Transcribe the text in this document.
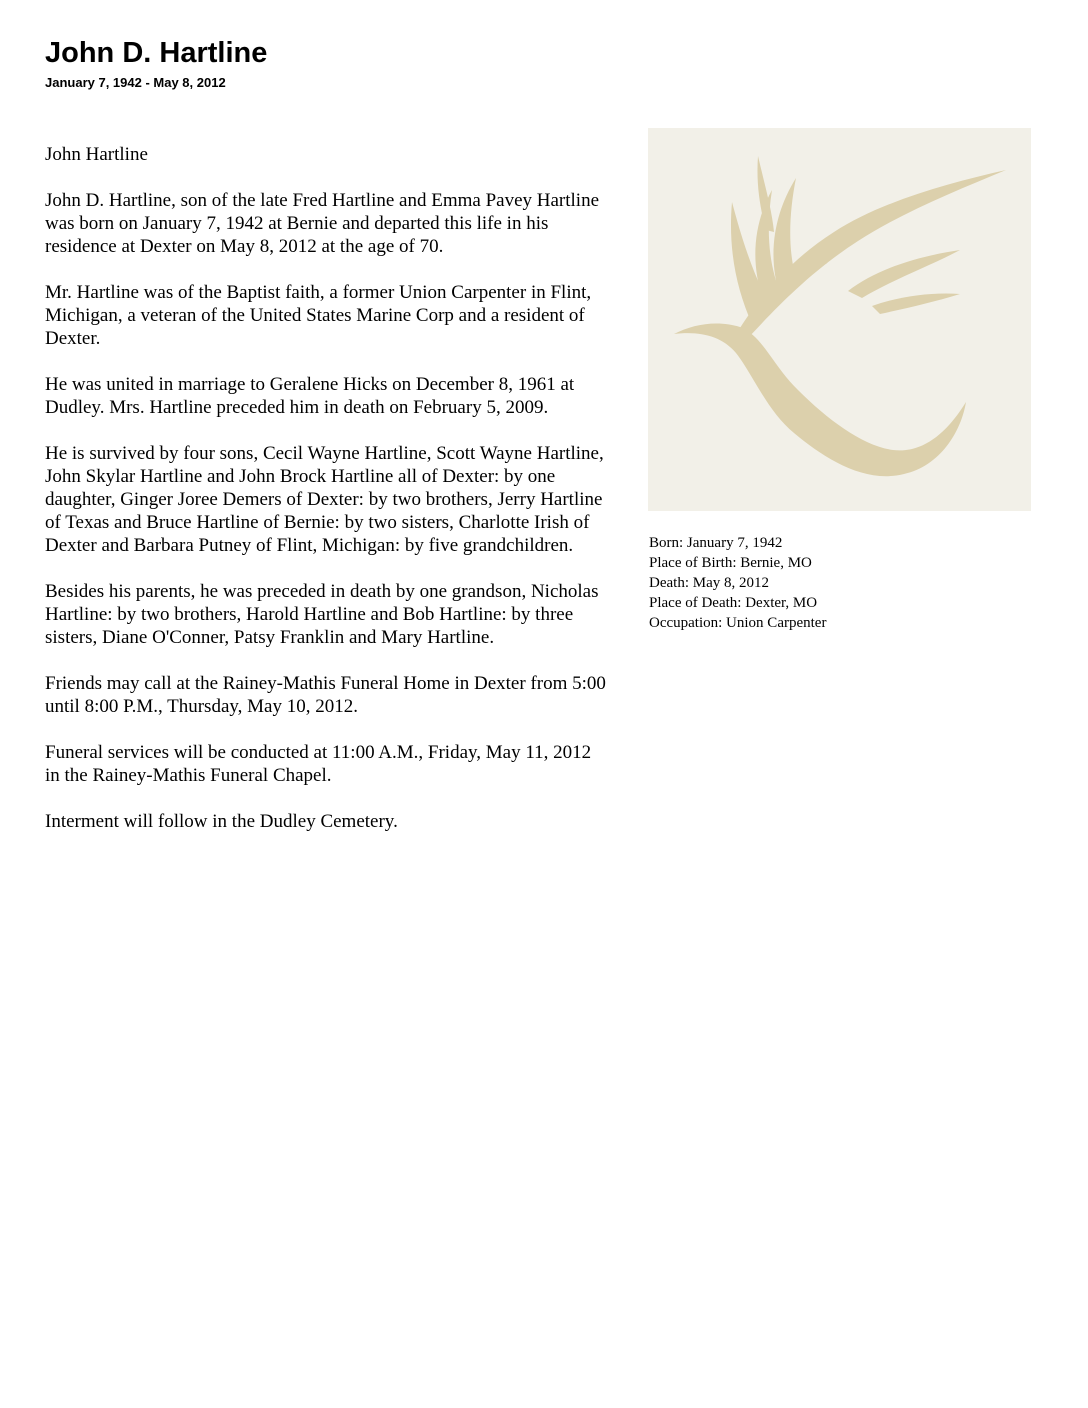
John D. Hartline
January 7, 1942 - May 8, 2012

John Hartline

John D. Hartline, son of the late Fred Hartline and Emma Pavey Hartline was born on January 7, 1942 at Bernie and departed this life in his residence at Dexter on May 8, 2012 at the age of 70.

Mr. Hartline was of the Baptist faith, a former Union Carpenter in Flint, Michigan, a veteran of the United States Marine Corp and a resident of Dexter.

He was united in marriage to Geralene Hicks on December 8, 1961 at Dudley. Mrs. Hartline preceded him in death on February 5, 2009.

He is survived by four sons, Cecil Wayne Hartline, Scott Wayne Hartline, John Skylar Hartline and John Brock Hartline all of Dexter: by one daughter, Ginger Joree Demers of Dexter: by two brothers, Jerry Hartline of Texas and Bruce Hartline of Bernie: by two sisters, Charlotte Irish of Dexter and Barbara Putney of Flint, Michigan: by five grandchildren.

Besides his parents, he was preceded in death by one grandson, Nicholas Hartline: by two brothers, Harold Hartline and Bob Hartline: by three sisters, Diane O'Conner, Patsy Franklin and Mary Hartline.

Friends may call at the Rainey-Mathis Funeral Home in Dexter from 5:00 until 8:00 P.M., Thursday, May 10, 2012.

Funeral services will be conducted at 11:00 A.M., Friday, May 11, 2012 in the Rainey-Mathis Funeral Chapel.

Interment will follow in the Dudley Cemetery.

Born: January 7, 1942
Place of Birth: Bernie, MO
Death: May 8, 2012
Place of Death: Dexter, MO
Occupation: Union Carpenter
